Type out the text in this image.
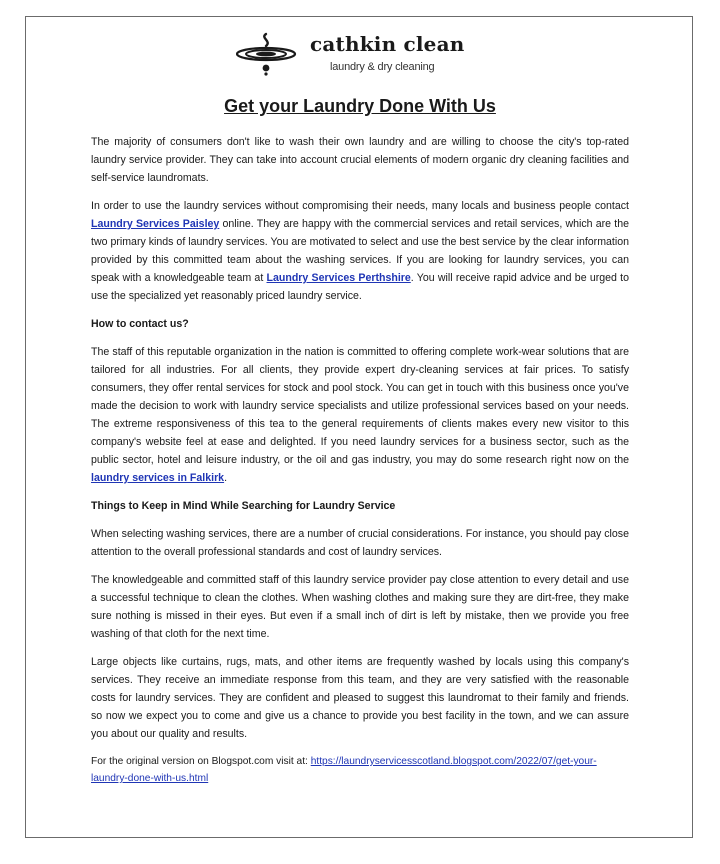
cathkin clean
laundry & dry cleaning
Get your Laundry Done With Us

The majority of consumers don't like to wash their own laundry and are willing to choose the city's top-rated laundry service provider. They can take into account crucial elements of modern organic dry cleaning facilities and self-service laundromats.

In order to use the laundry services without compromising their needs, many locals and business people contact Laundry Services Paisley online. They are happy with the commercial services and retail services, which are the two primary kinds of laundry services. You are motivated to select and use the best service by the clear information provided by this committed team about the washing services. If you are looking for laundry services, you can speak with a knowledgeable team at Laundry Services Perthshire. You will receive rapid advice and be urged to use the specialized yet reasonably priced laundry service.

How to contact us?

The staff of this reputable organization in the nation is committed to offering complete work-wear solutions that are tailored for all industries. For all clients, they provide expert dry-cleaning services at fair prices. To satisfy consumers, they offer rental services for stock and pool stock. You can get in touch with this business once you've made the decision to work with laundry service specialists and utilize professional services based on your needs. The extreme responsiveness of this tea to the general requirements of clients makes every new visitor to this company's website feel at ease and delighted. If you need laundry services for a business sector, such as the public sector, hotel and leisure industry, or the oil and gas industry, you may do some research right now on the laundry services in Falkirk.

Things to Keep in Mind While Searching for Laundry Service

When selecting washing services, there are a number of crucial considerations. For instance, you should pay close attention to the overall professional standards and cost of laundry services.

The knowledgeable and committed staff of this laundry service provider pay close attention to every detail and use a successful technique to clean the clothes. When washing clothes and making sure they are dirt-free, they make sure nothing is missed in their eyes. But even if a small inch of dirt is left by mistake, then we provide you free washing of that cloth for the next time.

Large objects like curtains, rugs, mats, and other items are frequently washed by locals using this company's services. They receive an immediate response from this team, and they are very satisfied with the reasonable costs for laundry services. They are confident and pleased to suggest this laundromat to their family and friends. so now we expect you to come and give us a chance to provide you best facility in the town, and we can assure you about our quality and results.

For the original version on Blogspot.com visit at: https://laundryservicesscotland.blogspot.com/2022/07/get-your-laundry-done-with-us.html
